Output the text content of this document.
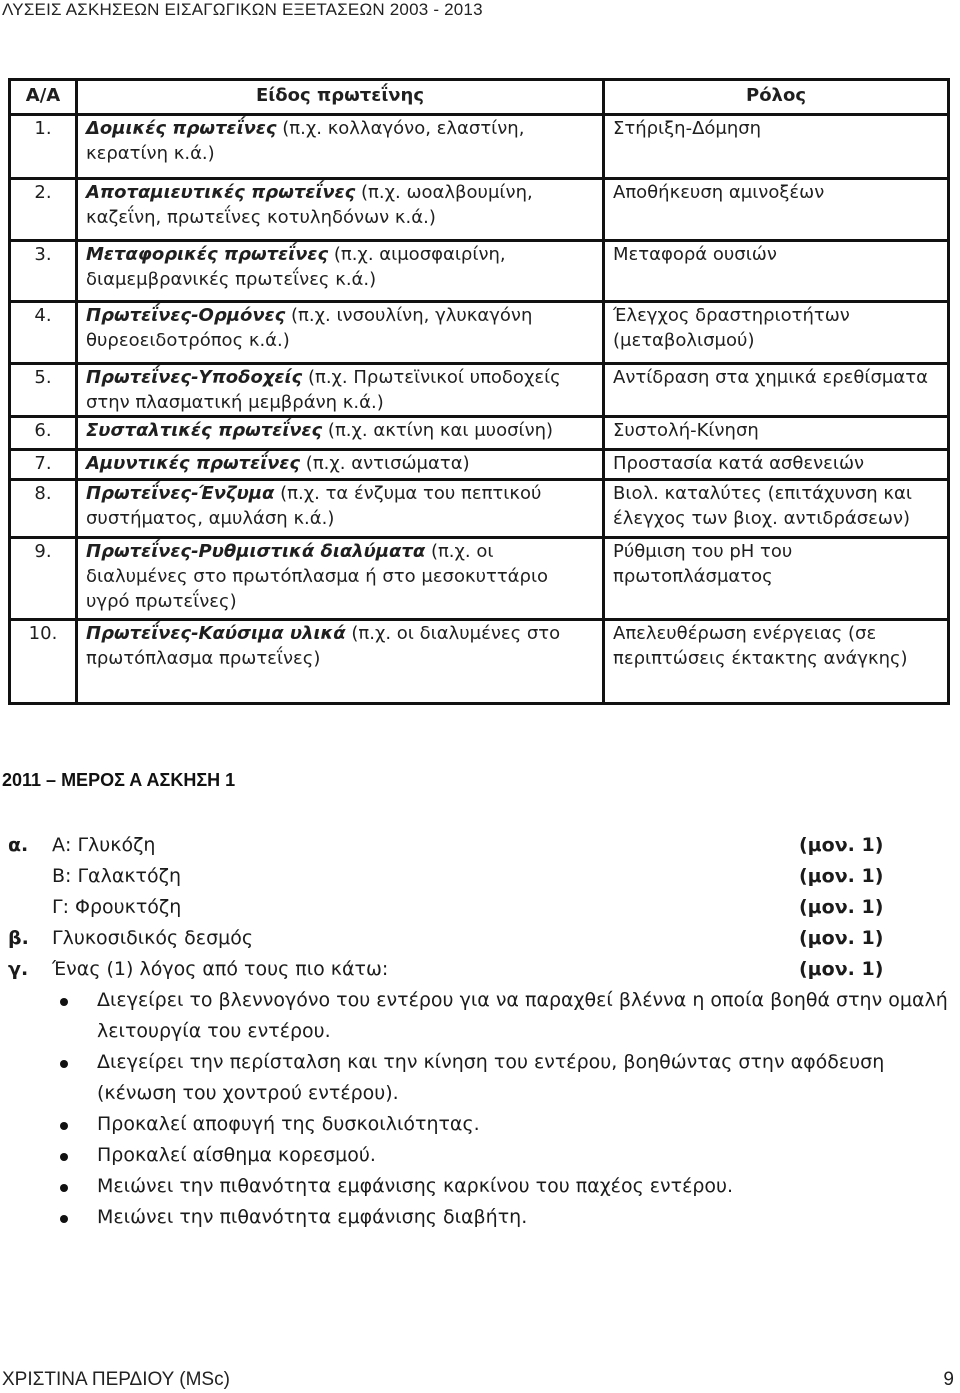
ΛΥΣΕΙΣ ΑΣΚΗΣΕΩΝ ΕΙΣΑΓΩΓΙΚΩΝ ΕΞΕΤΑΣΕΩΝ 2003 - 2013
Α/Α	Είδος πρωτεΐνης	Ρόλος
1.	Δομικές πρωτεΐνες (π.χ. κολλαγόνο, ελαστίνη, κερατίνη κ.ά.)	Στήριξη-Δόμηση
2.	Αποταμιευτικές πρωτεΐνες (π.χ. ωοαλβουμίνη, καζεΐνη, πρωτεΐνες κοτυληδόνων κ.ά.)	Αποθήκευση αμινοξέων
3.	Μεταφορικές πρωτεΐνες (π.χ. αιμοσφαιρίνη, διαμεμβρανικές πρωτεΐνες κ.ά.)	Μεταφορά ουσιών
4.	Πρωτεΐνες-Ορμόνες (π.χ. ινσουλίνη, γλυκαγόνη θυρεοειδοτρόπος κ.ά.)	Έλεγχος δραστηριοτήτων (μεταβολισμού)
5.	Πρωτεΐνες-Υποδοχείς (π.χ. Πρωτεϊνικοί υποδοχείς στην πλασματική μεμβράνη κ.ά.)	Αντίδραση στα χημικά ερεθίσματα
6.	Συσταλτικές πρωτεΐνες (π.χ. ακτίνη και μυοσίνη)	Συστολή-Κίνηση
7.	Αμυντικές πρωτεΐνες (π.χ. αντισώματα)	Προστασία κατά ασθενειών
8.	Πρωτεΐνες-Ένζυμα (π.χ. τα ένζυμα του πεπτικού συστήματος, αμυλάση κ.ά.)	Βιολ. καταλύτες (επιτάχυνση και έλεγχος των βιοχ. αντιδράσεων)
9.	Πρωτεΐνες-Ρυθμιστικά διαλύματα (π.χ. οι διαλυμένες στο πρωτόπλασμα ή στο μεσοκυττάριο υγρό πρωτεΐνες)	Ρύθμιση του pH του πρωτοπλάσματος
10.	Πρωτεΐνες-Καύσιμα υλικά (π.χ. οι διαλυμένες στο πρωτόπλασμα πρωτεΐνες)	Απελευθέρωση ενέργειας (σε περιπτώσεις έκτακτης ανάγκης)
2011 – ΜΕΡΟΣ Α ΑΣΚΗΣΗ 1
α. Α: Γλυκόζη	(μον. 1)
Β: Γαλακτόζη	(μον. 1)
Γ: Φρουκτόζη	(μον. 1)
β. Γλυκοσιδικός δεσμός	(μον. 1)
γ. Ένας (1) λόγος από τους πιο κάτω:	(μον. 1)
Διεγείρει το βλεννογόνο του εντέρου για να παραχθεί βλέννα η οποία βοηθά στην ομαλή λειτουργία του εντέρου.
Διεγείρει την περίσταλση και την κίνηση του εντέρου, βοηθώντας στην αφόδευση (κένωση του χοντρού εντέρου).
Προκαλεί αποφυγή της δυσκοιλιότητας.
Προκαλεί αίσθημα κορεσμού.
Μειώνει την πιθανότητα εμφάνισης καρκίνου του παχέος εντέρου.
Μειώνει την πιθανότητα εμφάνισης διαβήτη.
ΧΡΙΣΤΙΝΑ ΠΕΡΔΙΟΥ (MSc)	9
